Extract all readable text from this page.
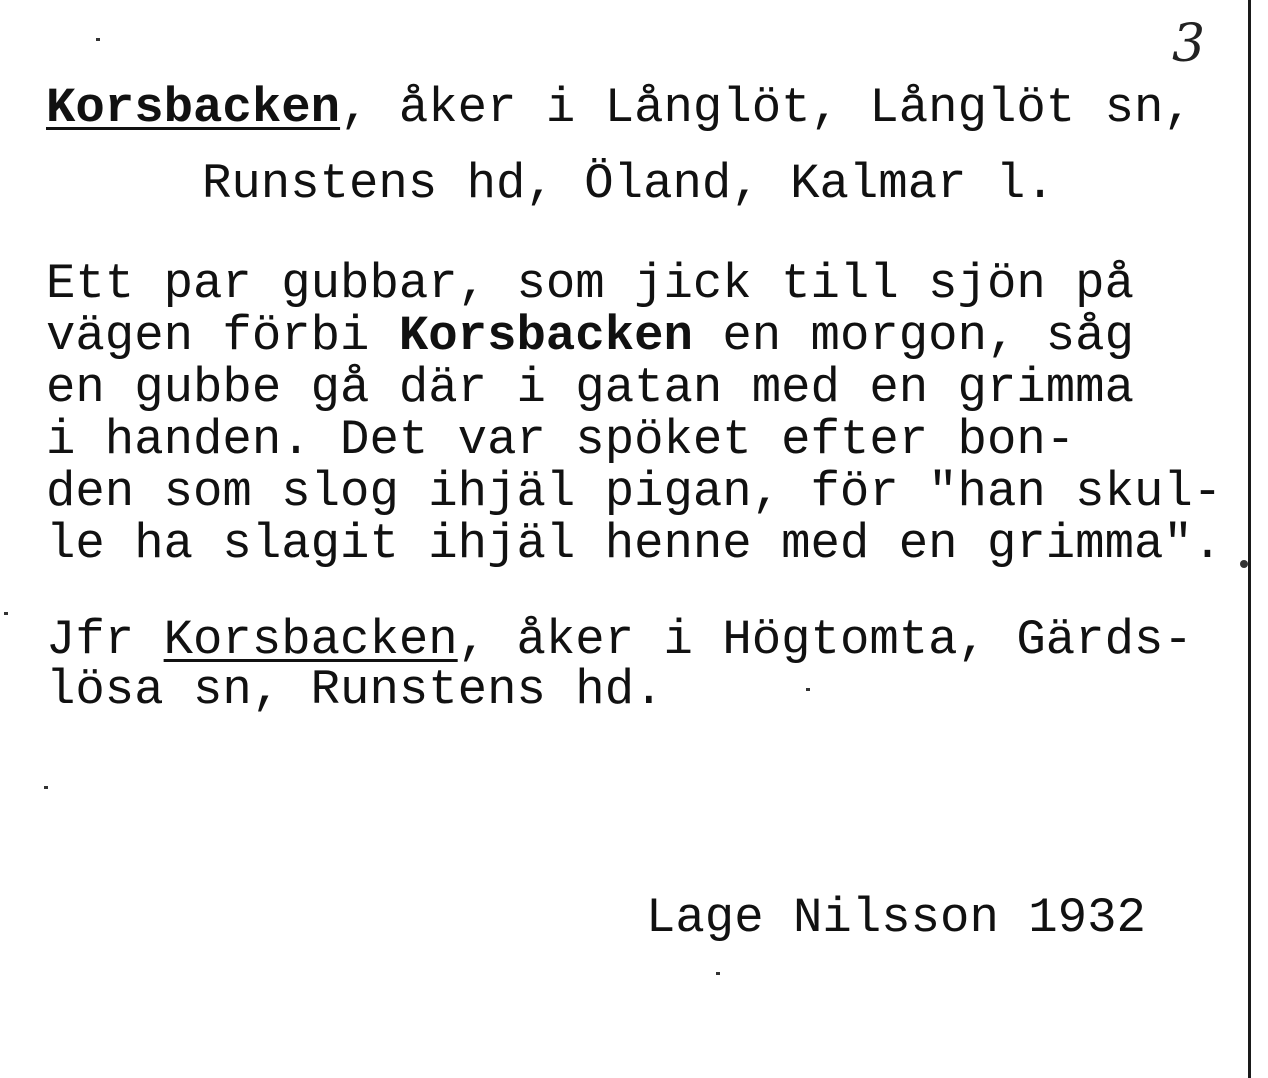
3
Korsbacken, åker i Långlöt, Långlöt sn,
Runstens hd, Öland, Kalmar l.
Ett par gubbar, som jick till sjön på
vägen förbi Korsbacken en morgon, såg
en gubbe gå där i gatan med en grimma
i handen. Det var spöket efter bon-
den som slog ihjäl pigan, för "han skul-
le ha slagit ihjäl henne med en grimma".
Jfr Korsbacken, åker i Högtomta, Gärds-
lösa sn, Runstens hd.
Lage Nilsson 1932
